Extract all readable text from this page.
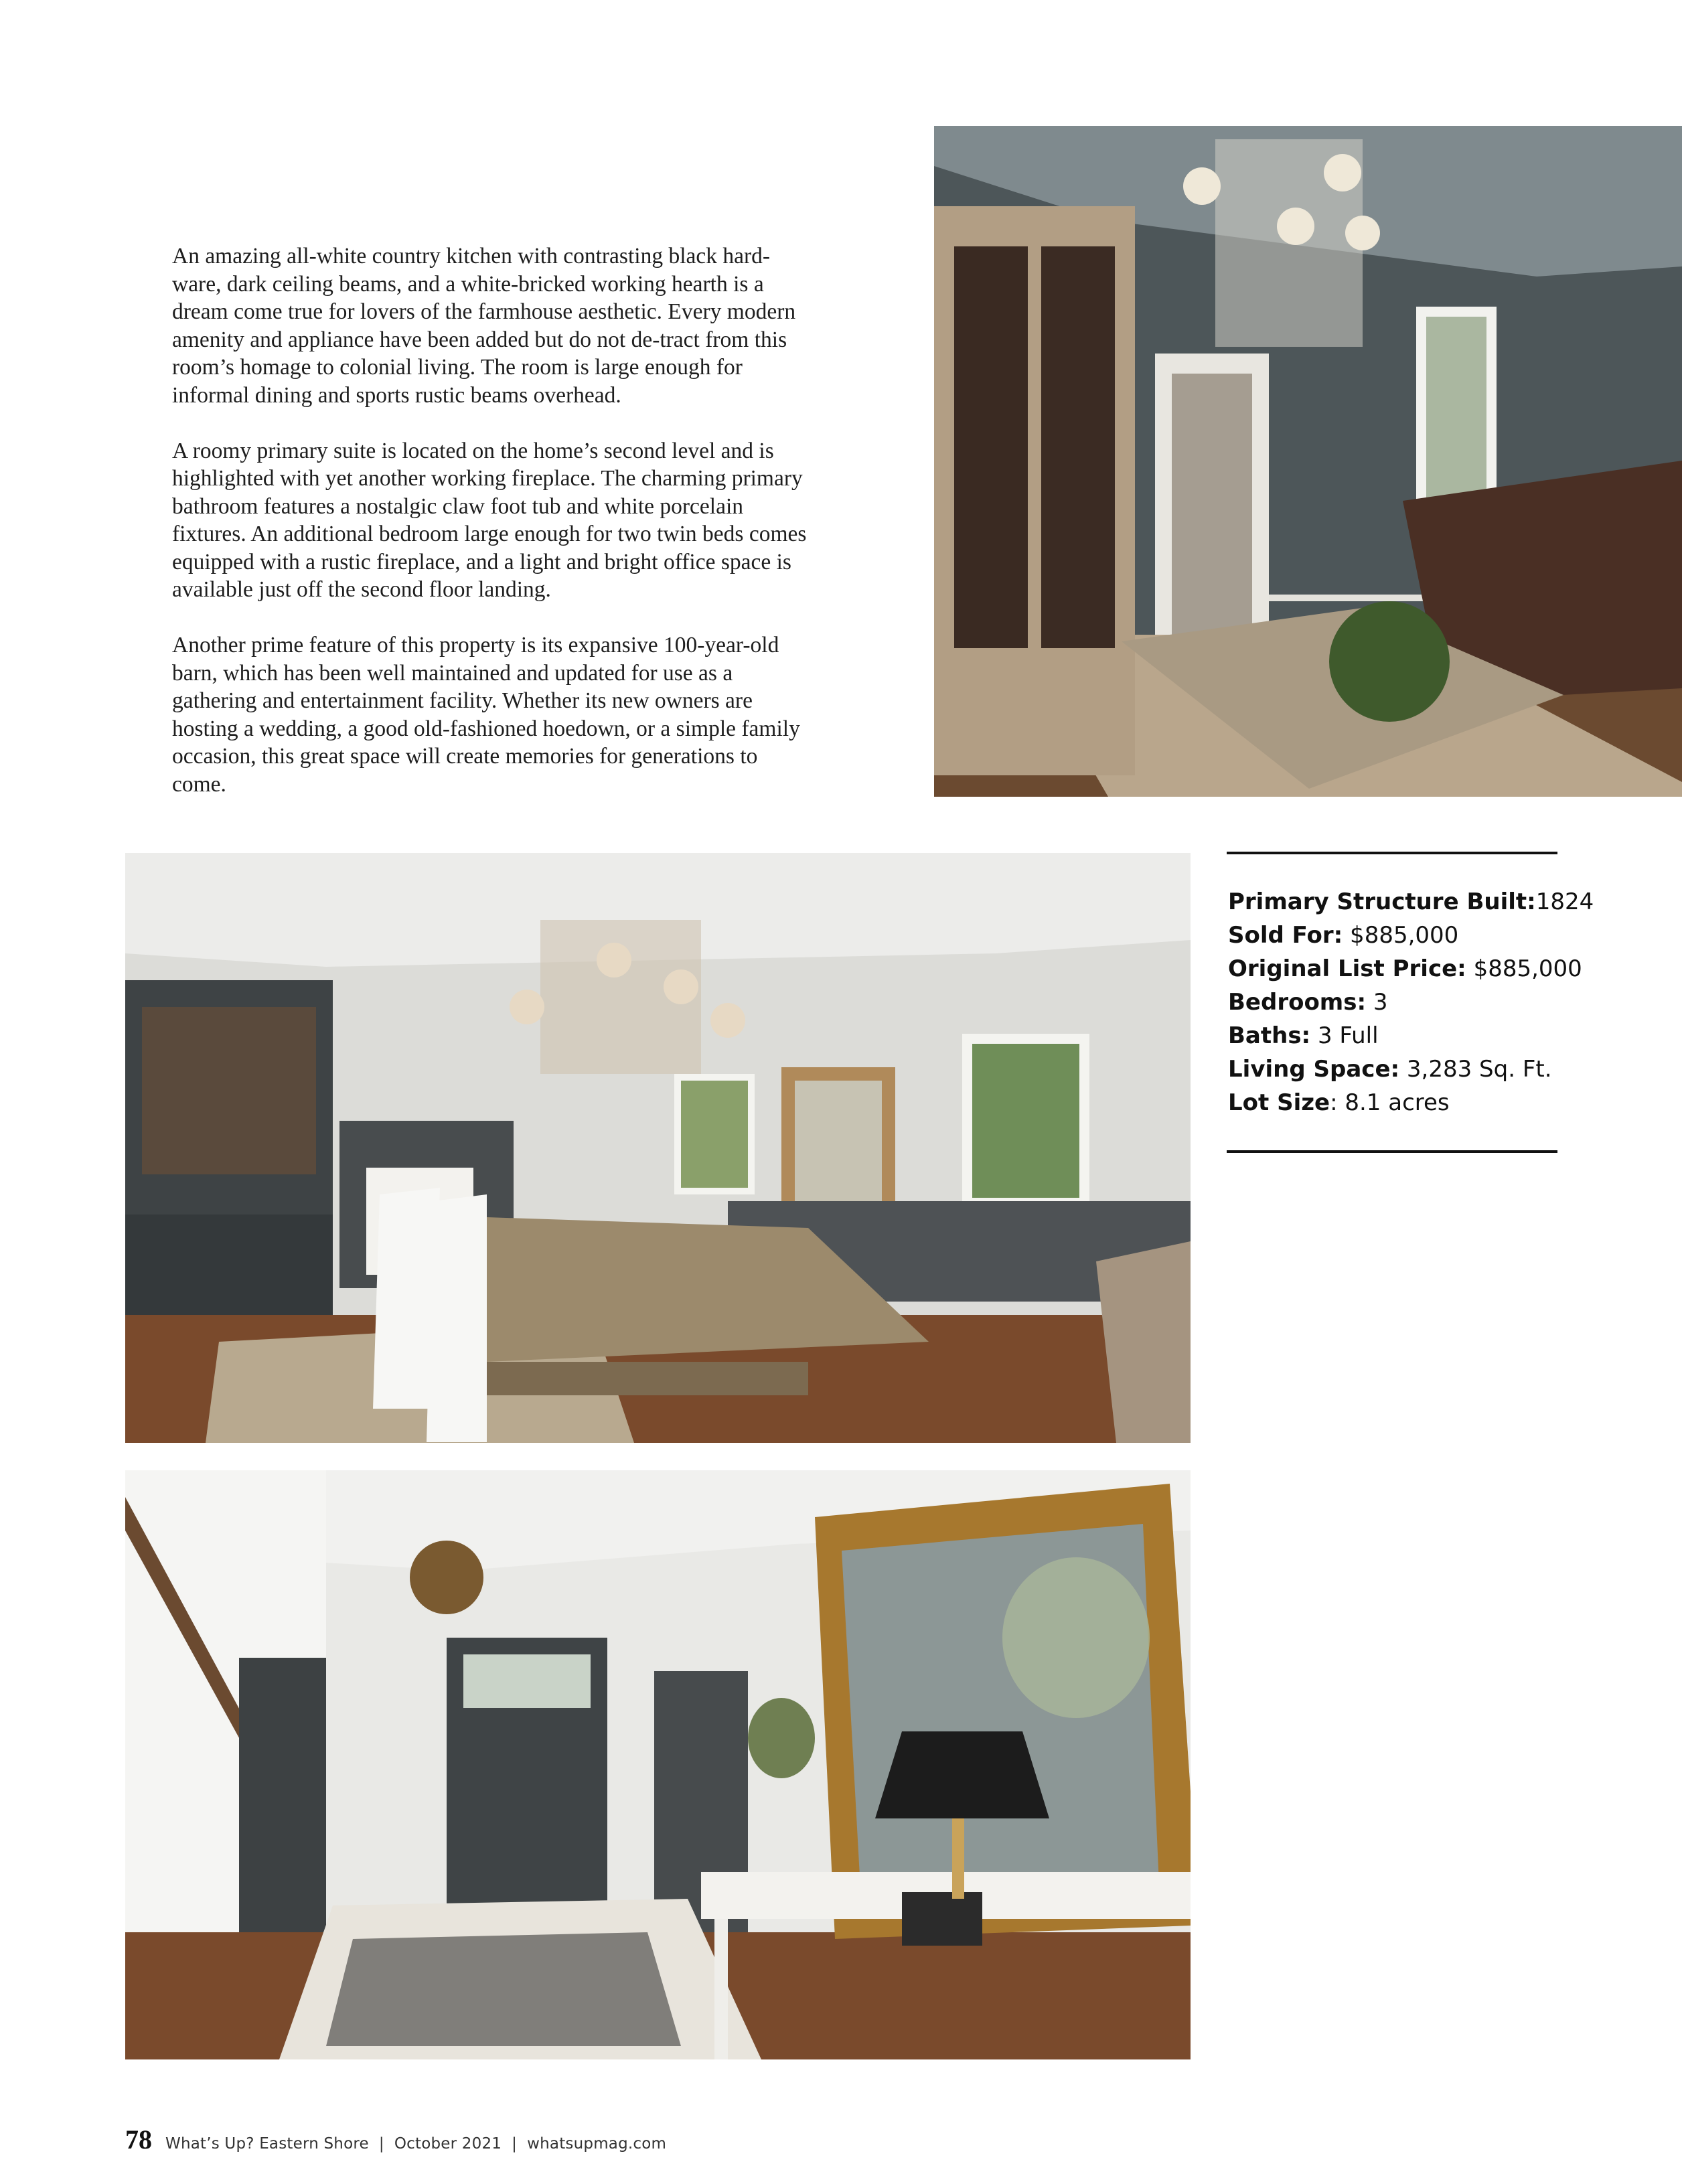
An amazing all-white country kitchen with contrasting black hard-ware, dark ceiling beams, and a white-bricked working hearth is a dream come true for lovers of the farmhouse aesthetic. Every modern amenity and appliance have been added but do not de-tract from this room’s homage to colonial living. The room is large enough for informal dining and sports rustic beams overhead.

A roomy primary suite is located on the home’s second level and is highlighted with yet another working fireplace. The charming primary bathroom features a nostalgic claw foot tub and white porcelain fixtures. An additional bedroom large enough for two twin beds comes equipped with a rustic fireplace, and a light and bright office space is available just off the second floor landing.

Another prime feature of this property is its expansive 100-year-old barn, which has been well maintained and updated for use as a gathering and entertainment facility. Whether its new owners are hosting a wedding, a good old-fashioned hoedown, or a simple family occasion, this great space will create memories for generations to come.

Primary Structure Built:1824
Sold For: $885,000
Original List Price: $885,000
Bedrooms: 3
Baths: 3 Full
Living Space: 3,283 Sq. Ft.
Lot Size: 8.1 acres
78 What’s Up? Eastern Shore  |  October 2021  |  whatsupmag.com
